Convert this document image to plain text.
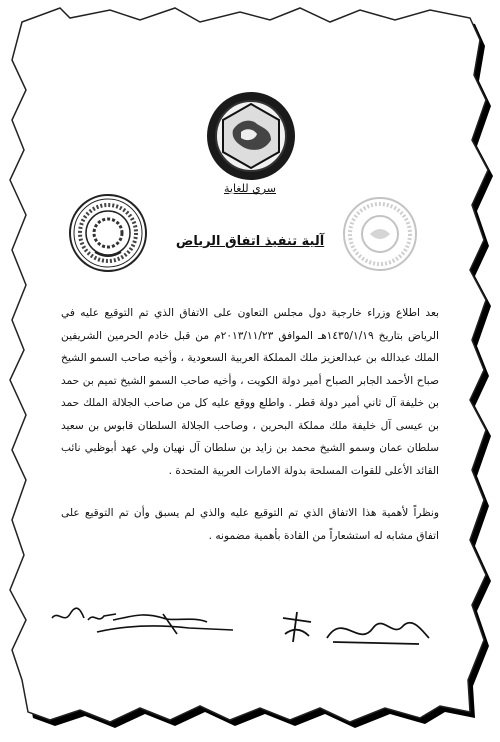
سري للغاية
آلية تنفيذ اتفاق الرياض

بعد اطلاع وزراء خارجية دول مجلس التعاون على الاتفاق الذي تم التوقيع عليه في الرياض بتاريخ ١٤٣٥/١/١٩هـ الموافق ٢٠١٣/١١/٢٣م من قبل خادم الحرمين الشريفين الملك عبدالله بن عبدالعزيز ملك المملكة العربية السعودية ، وأخيه صاحب السمو الشيخ صباح الأحمد الجابر الصباح أمير دولة الكويت ، وأخيه صاحب السمو الشيخ تميم بن حمد بن خليفة آل ثاني أمير دولة قطر . واطلع ووقع عليه كل من صاحب الجلالة الملك حمد بن عيسى آل خليفة ملك مملكة البحرين ، وصاحب الجلالة السلطان قابوس بن سعيد سلطان عمان وسمو الشيخ محمد بن زايد بن سلطان آل نهيان ولي عهد أبوظبي نائب القائد الأعلى للقوات المسلحة بدولة الامارات العربية المتحدة .

ونظراً لأهمية هذا الاتفاق الذي تم التوقيع عليه والذي لم يسبق وأن تم التوقيع على اتفاق مشابه له استشعاراً من القادة بأهمية مضمونه .
